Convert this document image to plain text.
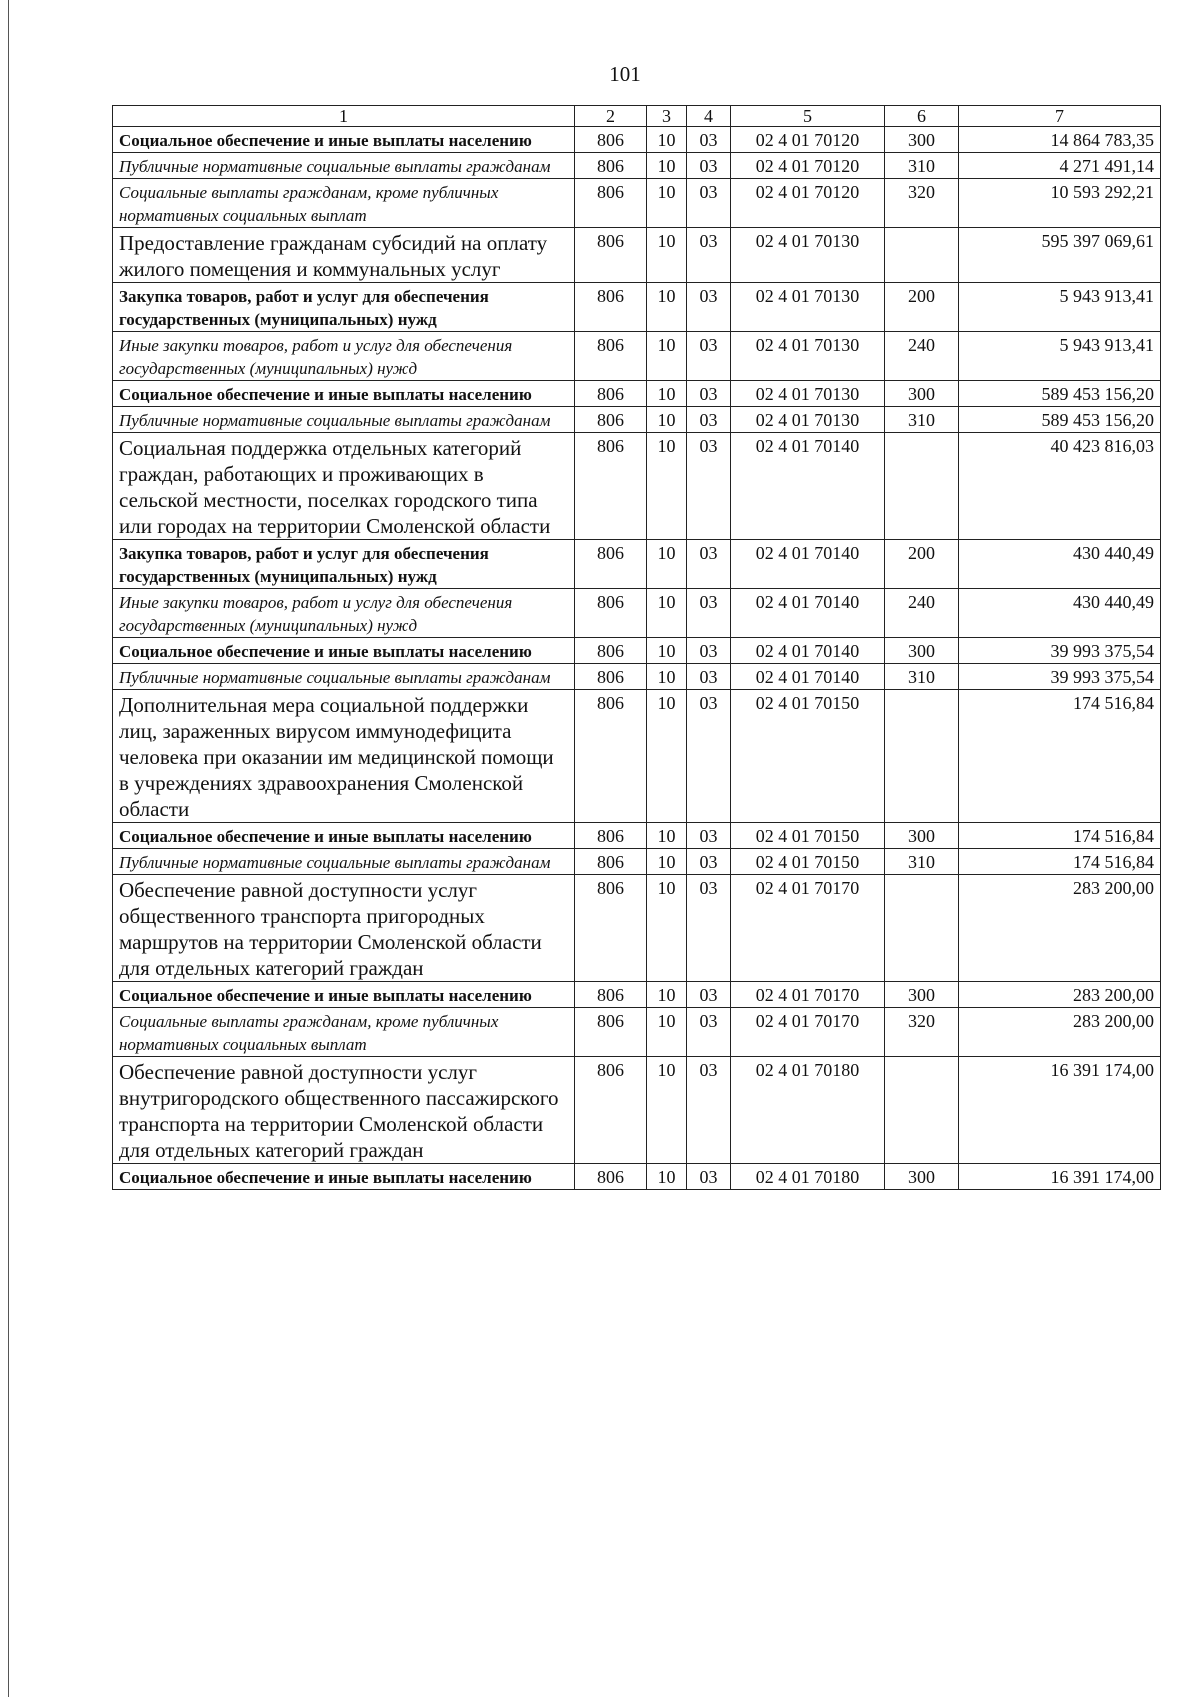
101
1	2	3	4	5	6	7
Социальное обеспечение и иные выплаты населению	806	10	03	02 4 01 70120	300	14 864 783,35
Публичные нормативные социальные выплаты гражданам	806	10	03	02 4 01 70120	310	4 271 491,14
Социальные выплаты гражданам, кроме публичных нормативных социальных выплат	806	10	03	02 4 01 70120	320	10 593 292,21
Предоставление гражданам субсидий на оплату жилого помещения и коммунальных услуг	806	10	03	02 4 01 70130		595 397 069,61
Закупка товаров, работ и услуг для обеспечения государственных (муниципальных) нужд	806	10	03	02 4 01 70130	200	5 943 913,41
Иные закупки товаров, работ и услуг для обеспечения государственных (муниципальных) нужд	806	10	03	02 4 01 70130	240	5 943 913,41
Социальное обеспечение и иные выплаты населению	806	10	03	02 4 01 70130	300	589 453 156,20
Публичные нормативные социальные выплаты гражданам	806	10	03	02 4 01 70130	310	589 453 156,20
Социальная поддержка отдельных категорий граждан, работающих и проживающих в сельской местности, поселках городского типа или городах на территории Смоленской области	806	10	03	02 4 01 70140		40 423 816,03
Закупка товаров, работ и услуг для обеспечения государственных (муниципальных) нужд	806	10	03	02 4 01 70140	200	430 440,49
Иные закупки товаров, работ и услуг для обеспечения государственных (муниципальных) нужд	806	10	03	02 4 01 70140	240	430 440,49
Социальное обеспечение и иные выплаты населению	806	10	03	02 4 01 70140	300	39 993 375,54
Публичные нормативные социальные выплаты гражданам	806	10	03	02 4 01 70140	310	39 993 375,54
Дополнительная мера социальной поддержки лиц, зараженных вирусом иммунодефицита человека при оказании им медицинской помощи в учреждениях здравоохранения Смоленской области	806	10	03	02 4 01 70150		174 516,84
Социальное обеспечение и иные выплаты населению	806	10	03	02 4 01 70150	300	174 516,84
Публичные нормативные социальные выплаты гражданам	806	10	03	02 4 01 70150	310	174 516,84
Обеспечение равной доступности услуг общественного транспорта пригородных маршрутов на территории Смоленской области для отдельных категорий граждан	806	10	03	02 4 01 70170		283 200,00
Социальное обеспечение и иные выплаты населению	806	10	03	02 4 01 70170	300	283 200,00
Социальные выплаты гражданам, кроме публичных нормативных социальных выплат	806	10	03	02 4 01 70170	320	283 200,00
Обеспечение равной доступности услуг внутригородского общественного пассажирского транспорта на территории Смоленской области для отдельных категорий граждан	806	10	03	02 4 01 70180		16 391 174,00
Социальное обеспечение и иные выплаты населению	806	10	03	02 4 01 70180	300	16 391 174,00
